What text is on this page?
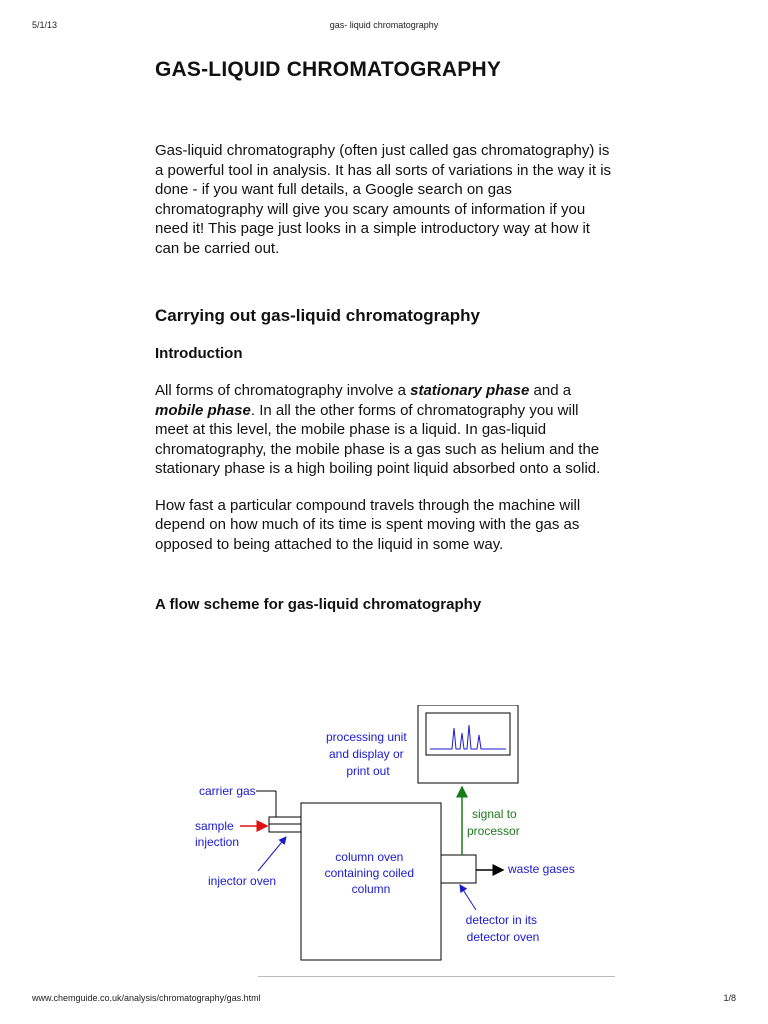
5/1/13	gas- liquid chromatography
GAS-LIQUID CHROMATOGRAPHY

Gas-liquid chromatography (often just called gas chromatography) is a powerful tool in analysis. It has all sorts of variations in the way it is done - if you want full details, a Google search on gas chromatography will give you scary amounts of information if you need it! This page just looks in a simple introductory way at how it can be carried out.

Carrying out gas-liquid chromatography
Introduction

All forms of chromatography involve a stationary phase and a mobile phase. In all the other forms of chromatography you will meet at this level, the mobile phase is a liquid. In gas-liquid chromatography, the mobile phase is a gas such as helium and the stationary phase is a high boiling point liquid absorbed onto a solid.

How fast a particular compound travels through the machine will depend on how much of its time is spent moving with the gas as opposed to being attached to the liquid in some way.

A flow scheme for gas-liquid chromatography
processing unit and display or print out
carrier gas
sample injection
injector oven
column oven containing coiled column
signal to processor
waste gases
detector in its detector oven
www.chemguide.co.uk/analysis/chromatography/gas.html	1/8
